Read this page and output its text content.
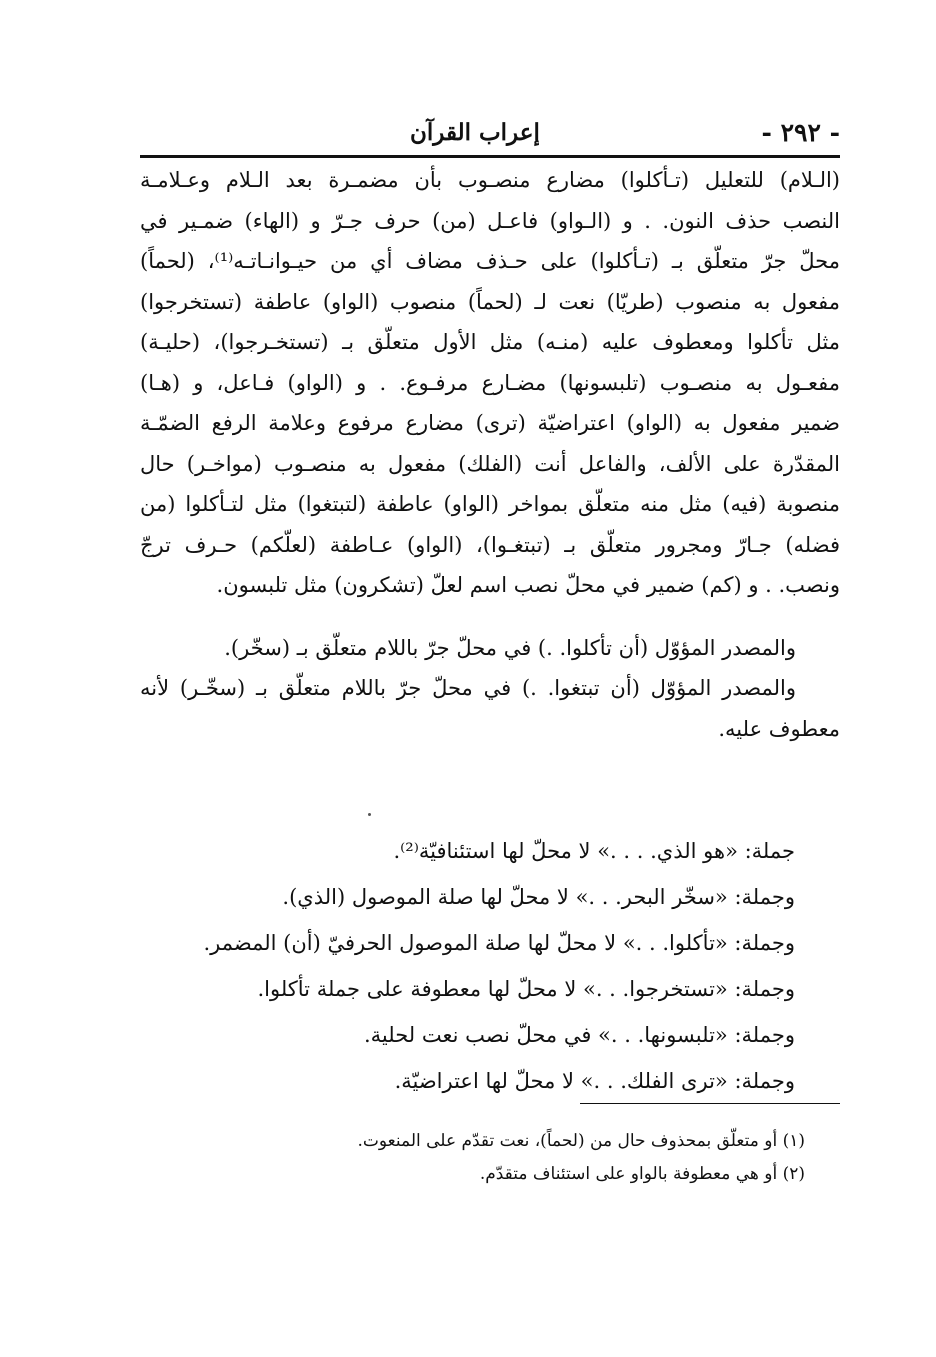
إعراب القرآن	- ٢٩٢ -

(الـلام) للتعليل (تـأكلوا) مضارع منصـوب بأن مضمـرة بعد الـلام وعـلامـة
النصب حذف النون. . و (الـواو) فاعـل (من) حرف جـرّ و (الهاء) ضمـير في
محلّ جرّ متعلّق بـ (تـأكلوا) على حـذف مضاف أي من حيـوانـاتـه⁽¹⁾، (لحماً)
مفعول به منصوب (طريّا) نعت لـ (لحماً) منصوب (الواو) عاطفة (تستخرجوا)
مثل تأكلوا ومعطوف عليه (منـه) مثل الأول متعلّق بـ (تستخـرجوا)، (حليـة)
مفعـول به منصـوب (تلبسونها) مضـارع مرفـوع. . و (الواو) فـاعل، و (هـا)
ضمير مفعول به (الواو) اعتراضيّة (ترى) مضارع مرفوع وعلامة الرفع الضمّـة
المقدّرة على الألف، والفاعل أنت (الفلك) مفعول به منصـوب (مواخـر) حال
منصوبة (فيه) مثل منه متعلّق بمواخر (الواو) عاطفة (لتبتغوا) مثل لتـأكلوا (من
فضله) جـارّ ومجرور متعلّق بـ (تبتغـوا)، (الواو) عـاطفة (لعلّكم) حـرف ترجّ
ونصب. . و (كم) ضمير في محلّ نصب اسم لعلّ (تشكرون) مثل تلبسون.

والمصدر المؤوّل (أن تأكلوا. .) في محلّ جرّ باللام متعلّق بـ (سخّر).

والمصدر المؤوّل (أن تبتغوا. .) في محلّ جرّ باللام متعلّق بـ (سخّـر) لأنه
معطوف عليه.

جملة: «هو الذي. . . .» لا محلّ لها استئنافيّة⁽²⁾.
وجملة: «سخّر البحر. . .» لا محلّ لها صلة الموصول (الذي).
وجملة: «تأكلوا. . .» لا محلّ لها صلة الموصول الحرفيّ (أن) المضمر.
وجملة: «تستخرجوا. . .» لا محلّ لها معطوفة على جملة تأكلوا.
وجملة: «تلبسونها. . .» في محلّ نصب نعت لحلية.
وجملة: «ترى الفلك. . .» لا محلّ لها اعتراضيّة.
(١) أو متعلّق بمحذوف حال من (لحماً)، نعت تقدّم على المنعوت.
(٢) أو هي معطوفة بالواو على استئناف متقدّم.
